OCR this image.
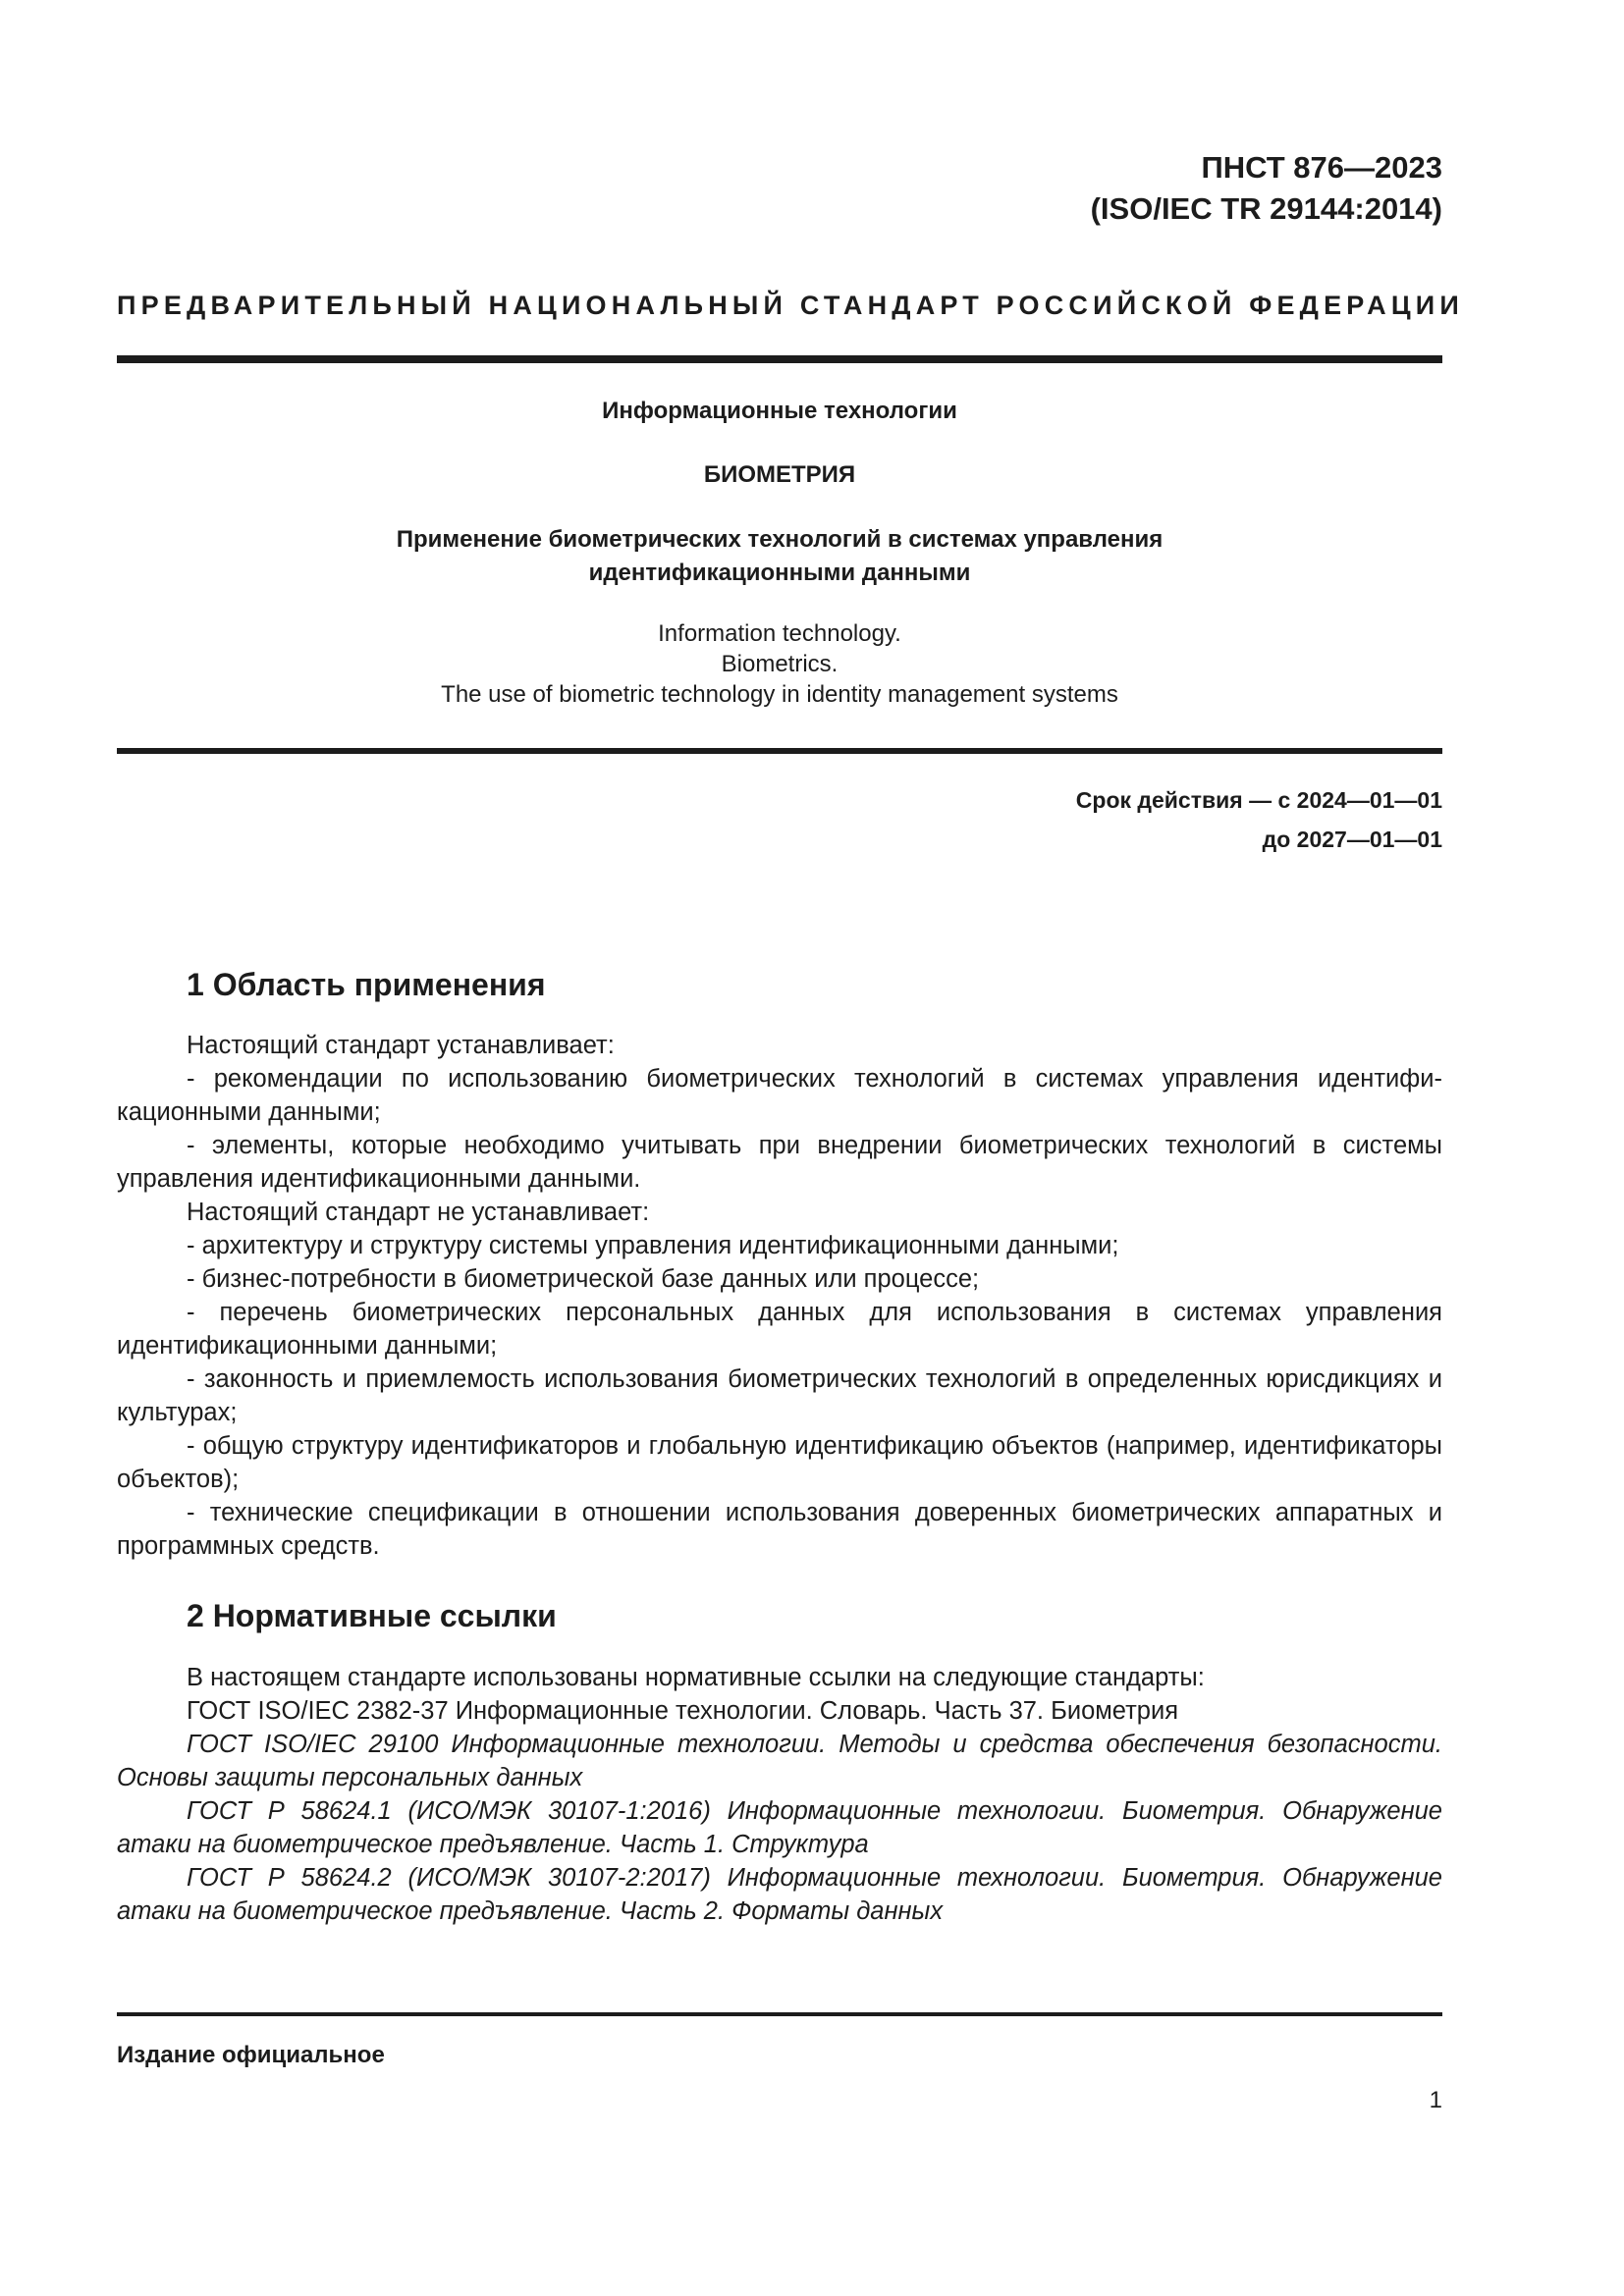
ПНСТ 876—2023
(ISO/IEC TR 29144:2014)
ПРЕДВАРИТЕЛЬНЫЙ НАЦИОНАЛЬНЫЙ СТАНДАРТ РОССИЙСКОЙ ФЕДЕРАЦИИ
Информационные технологии
БИОМЕТРИЯ
Применение биометрических технологий в системах управления
идентификационными данными
Information technology.
Biometrics.
The use of biometric technology in identity management systems
Срок действия — с 2024—01—01
до 2027—01—01
1 Область применения

Настоящий стандарт устанавливает:

- рекомендации по использованию биометрических технологий в системах управления идентификационными данными;

- элементы, которые необходимо учитывать при внедрении биометрических технологий в системы управления идентификационными данными.

Настоящий стандарт не устанавливает:

- архитектуру и структуру системы управления идентификационными данными;

- бизнес-потребности в биометрической базе данных или процессе;

- перечень биометрических персональных данных для использования в системах управления идентификационными данными;

- законность и приемлемость использования биометрических технологий в определенных юрисдикциях и культурах;

- общую структуру идентификаторов и глобальную идентификацию объектов (например, идентификаторы объектов);

- технические спецификации в отношении использования доверенных биометрических аппаратных и программных средств.

2 Нормативные ссылки

В настоящем стандарте использованы нормативные ссылки на следующие стандарты:

ГОСТ ISO/IEC 2382-37 Информационные технологии. Словарь. Часть 37. Биометрия

ГОСТ ISO/IEC 29100 Информационные технологии. Методы и средства обеспечения безопасности. Основы защиты персональных данных

ГОСТ Р 58624.1 (ИСО/МЭК 30107-1:2016) Информационные технологии. Биометрия. Обнаружение атаки на биометрическое предъявление. Часть 1. Структура

ГОСТ Р 58624.2 (ИСО/МЭК 30107-2:2017) Информационные технологии. Биометрия. Обнаружение атаки на биометрическое предъявление. Часть 2. Форматы данных

Издание официальное
1
